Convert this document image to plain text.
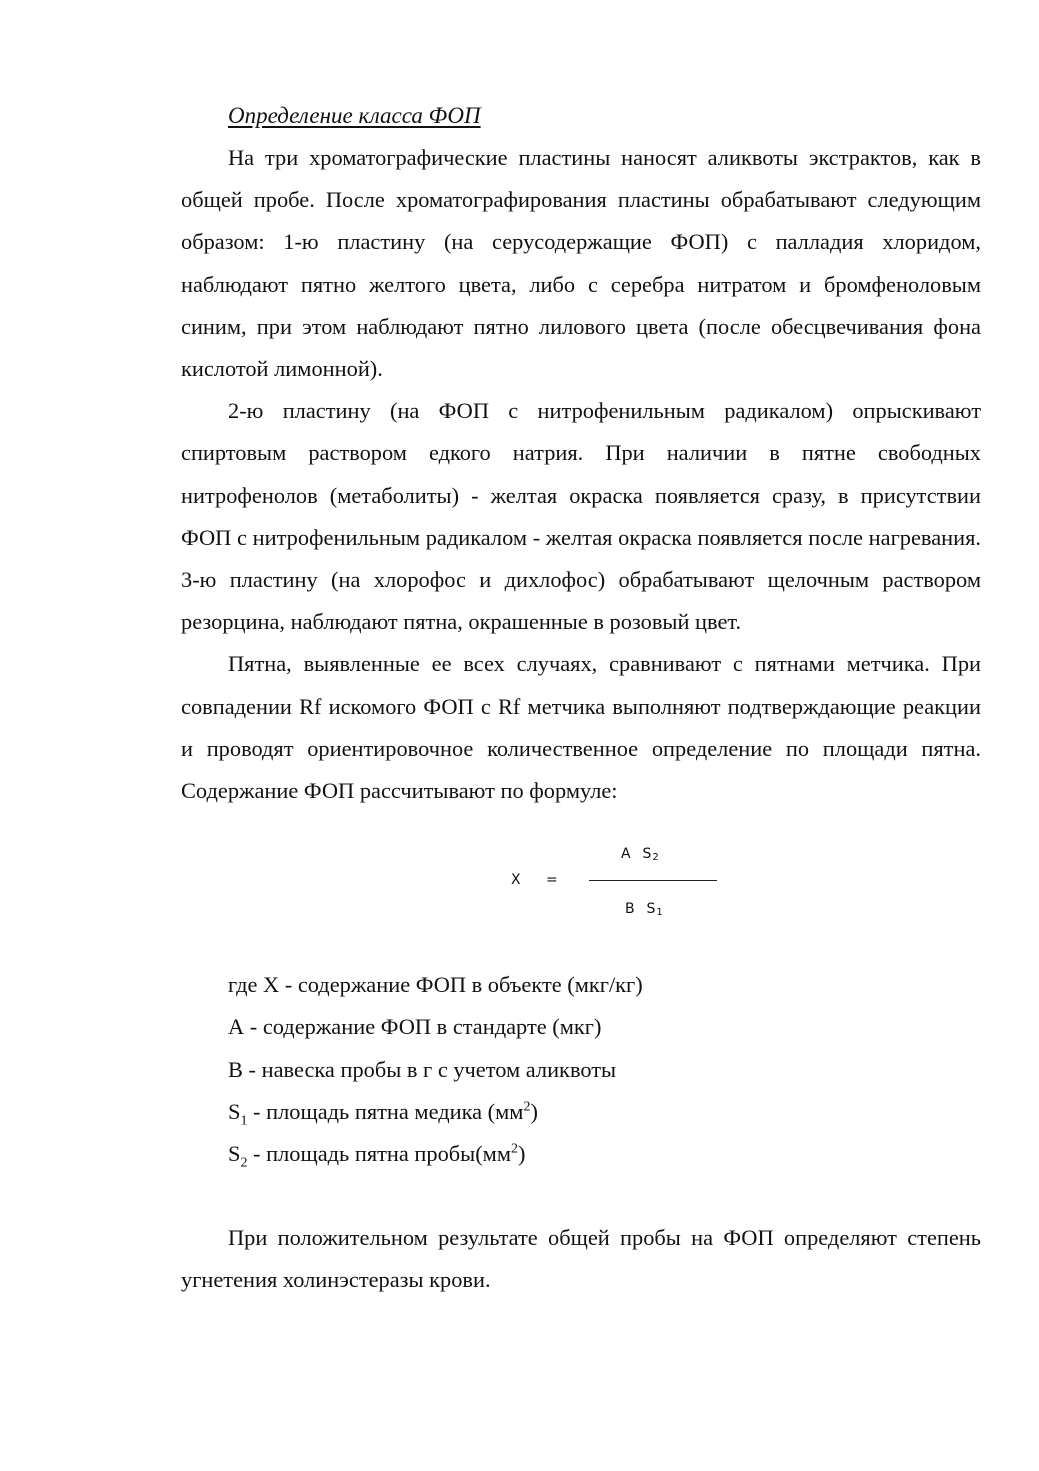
Определение класса ФОП

На три хроматографические пластины наносят аликвоты экстрактов, как в общей пробе. После хроматографирования пластины обрабатывают следующим образом: 1-ю пластину (на серусодержащие ФОП) с палладия хлоридом, наблюдают пятно желтого цвета, либо с серебра нитратом и бромфеноловым синим, при этом наблюдают пятно лилового цвета (после обесцвечивания фона кислотой лимонной).

2-ю пластину (на ФОП с нитрофенильным радикалом) опрыскивают спиртовым раствором едкого натрия. При наличии в пятне свободных нитрофенолов (метаболиты) - желтая окраска появляется сразу, в присутствии ФОП с нитрофенильным радикалом - желтая окраска появляется после нагревания. 3-ю пластину (на хлорофос и дихлофос) обрабатывают щелочным раствором резорцина, наблюдают пятна, окрашенные в розовый цвет.

Пятна, выявленные ее всех случаях, сравнивают с пятнами метчика. При совпадении Rf искомого ФОП с Rf метчика выполняют подтверждающие реакции и проводят ориентировочное количественное определение по площади пятна. Содержание ФОП рассчитывают по формуле:

X =
A S2
B S1
где X - содержание ФОП в объекте (мкг/кг)
А - содержание ФОП в стандарте (мкг)
В - навеска пробы в г с учетом аликвоты
$S_1$ - площадь пятна медика $(мм^2)$
$S_2$ - площадь пятна $пробы(мм^2)$

При положительном результате общей пробы на ФОП определяют степень угнетения холинэстеразы крови.
